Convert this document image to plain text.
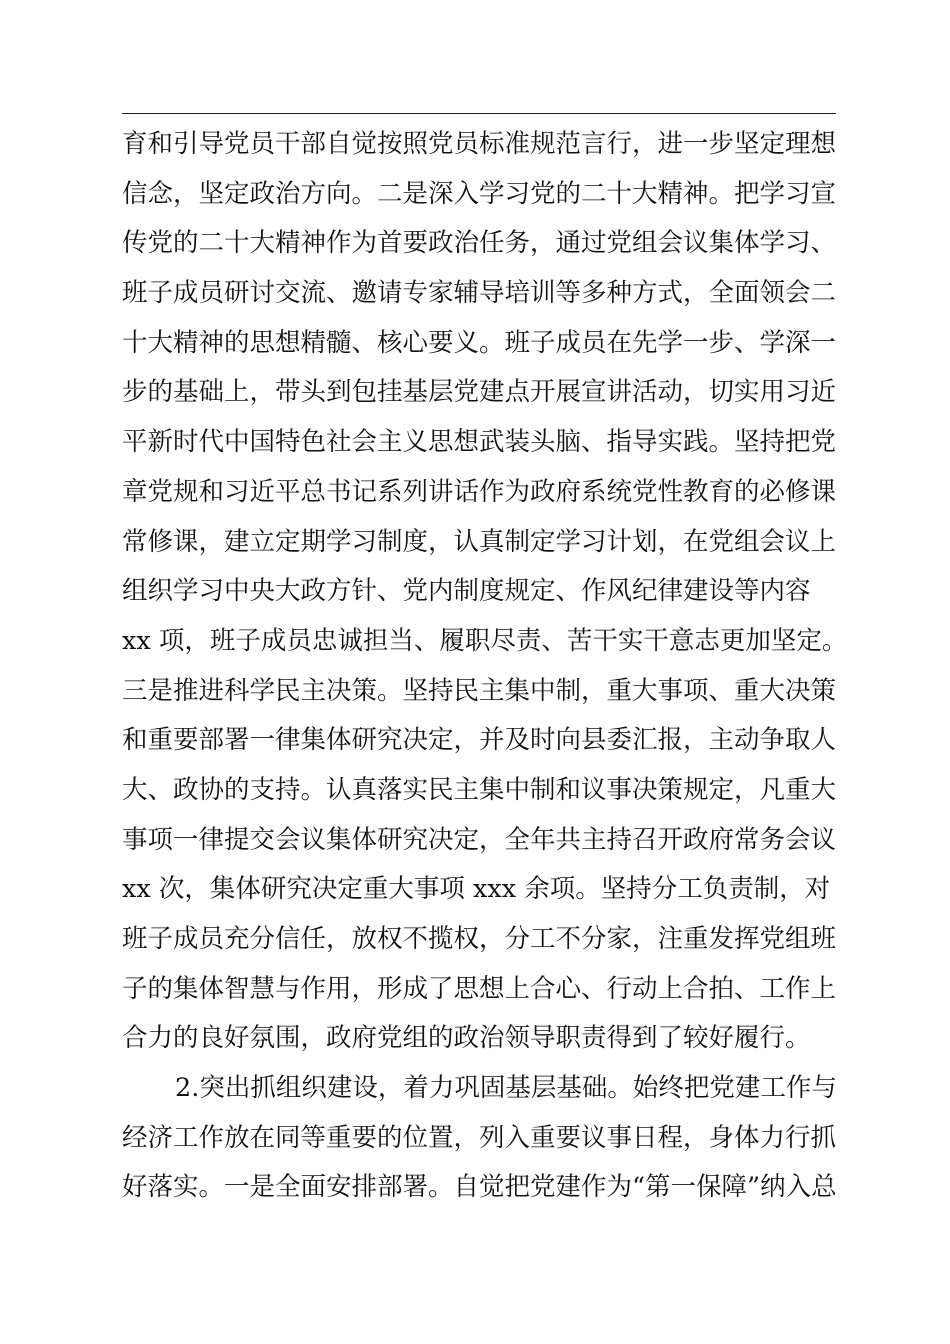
育和引导党员干部自觉按照党员标准规范言行，进一步坚定理想
信念，坚定政治方向。二是深入学习党的二十大精神。把学习宣
传党的二十大精神作为首要政治任务，通过党组会议集体学习、
班子成员研讨交流、邀请专家辅导培训等多种方式，全面领会二
十大精神的思想精髓、核心要义。班子成员在先学一步、学深一
步的基础上，带头到包挂基层党建点开展宣讲活动，切实用习近
平新时代中国特色社会主义思想武装头脑、指导实践。坚持把党
章党规和习近平总书记系列讲话作为政府系统党性教育的必修课
常修课，建立定期学习制度，认真制定学习计划，在党组会议上
组织学习中央大政方针、党内制度规定、作风纪律建设等内容
xx 项，班子成员忠诚担当、履职尽责、苦干实干意志更加坚定。
三是推进科学民主决策。坚持民主集中制，重大事项、重大决策
和重要部署一律集体研究决定，并及时向县委汇报，主动争取人
大、政协的支持。认真落实民主集中制和议事决策规定，凡重大
事项一律提交会议集体研究决定，全年共主持召开政府常务会议
xx 次，集体研究决定重大事项 xxx 余项。坚持分工负责制，对
班子成员充分信任，放权不揽权，分工不分家，注重发挥党组班
子的集体智慧与作用，形成了思想上合心、行动上合拍、工作上
合力的良好氛围，政府党组的政治领导职责得到了较好履行。
2.突出抓组织建设，着力巩固基层基础。始终把党建工作与
经济工作放在同等重要的位置，列入重要议事日程，身体力行抓
好落实。一是全面安排部署。自觉把党建作为“第一保障”纳入总
